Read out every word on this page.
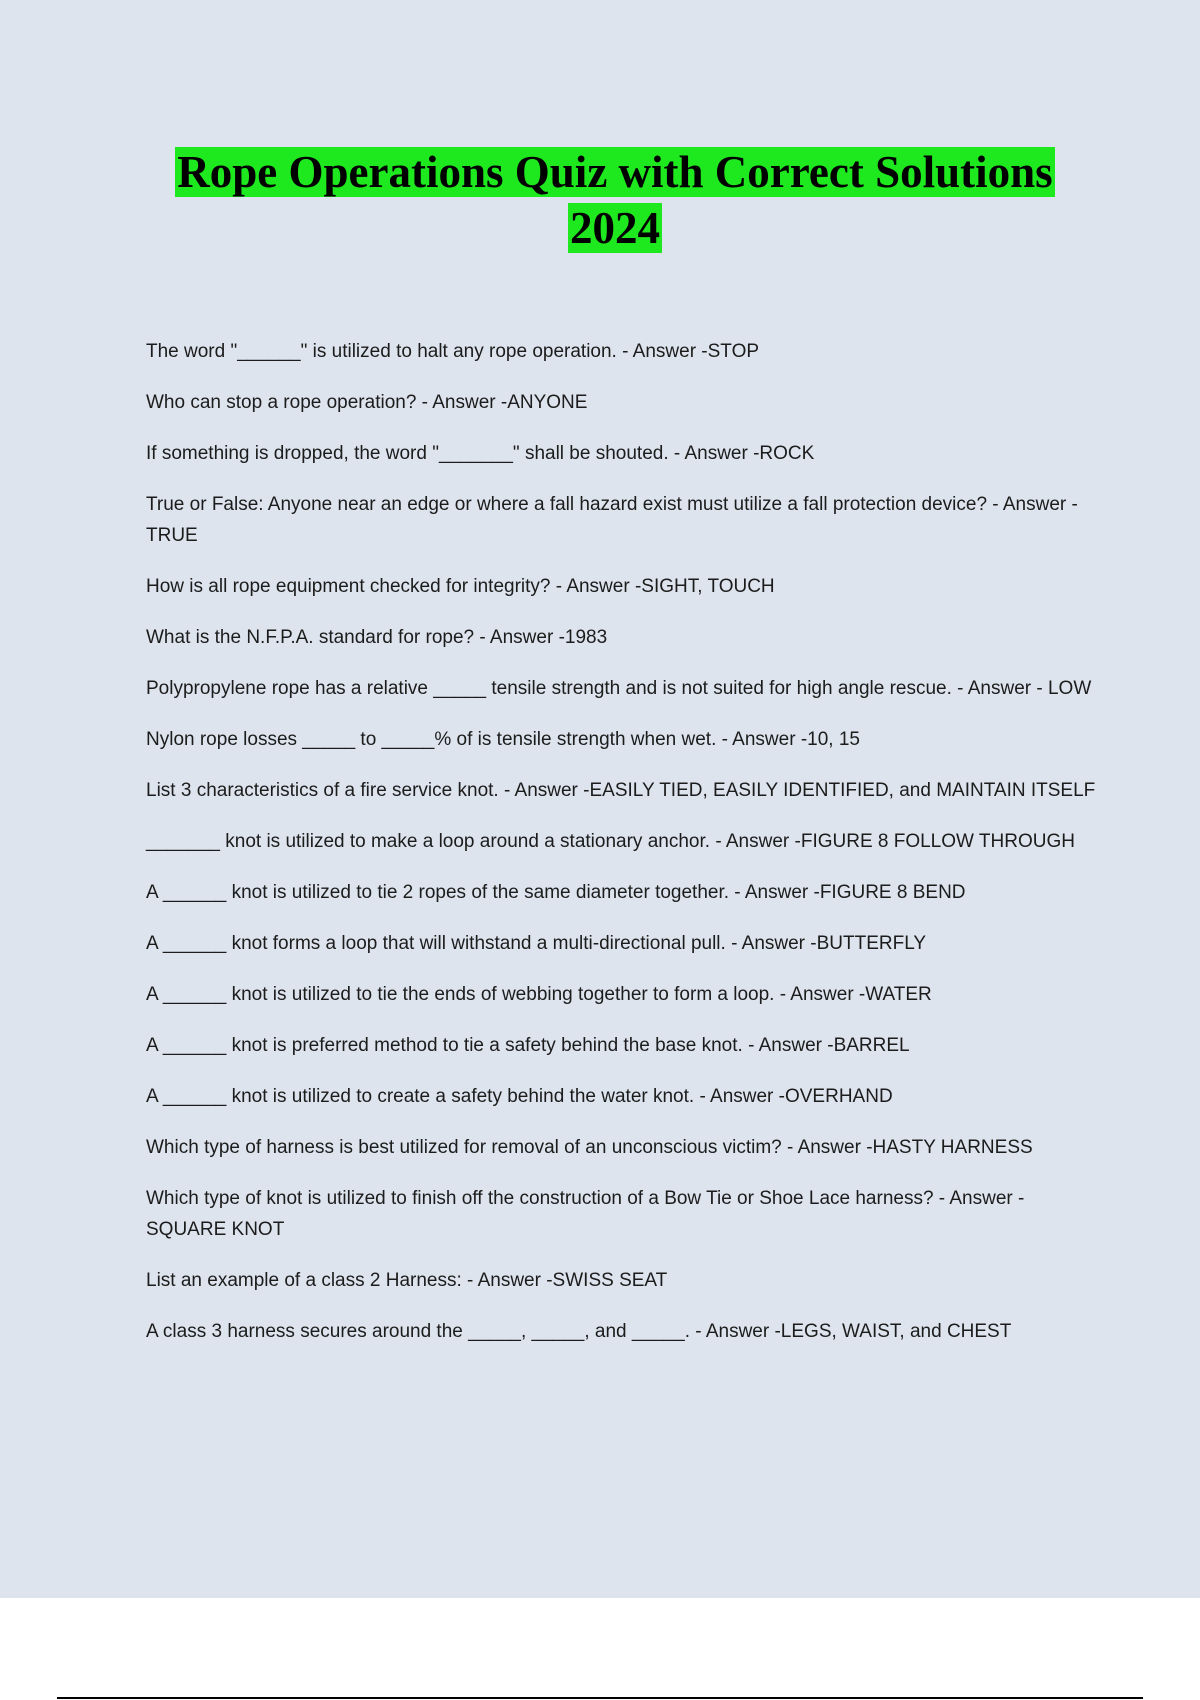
Rope Operations Quiz with Correct Solutions
2024

The word "______" is utilized to halt any rope operation. - Answer -STOP

Who can stop a rope operation? - Answer -ANYONE

If something is dropped, the word "_______" shall be shouted. - Answer -ROCK

True or False: Anyone near an edge or where a fall hazard exist must utilize a fall protection device? - Answer -TRUE

How is all rope equipment checked for integrity? - Answer -SIGHT, TOUCH

What is the N.F.P.A. standard for rope? - Answer -1983

Polypropylene rope has a relative _____ tensile strength and is not suited for high angle rescue. - Answer - LOW

Nylon rope losses _____ to _____% of is tensile strength when wet. - Answer -10, 15

List 3 characteristics of a fire service knot. - Answer -EASILY TIED, EASILY IDENTIFIED, and MAINTAIN ITSELF

_______ knot is utilized to make a loop around a stationary anchor. - Answer -FIGURE 8 FOLLOW THROUGH

A ______ knot is utilized to tie 2 ropes of the same diameter together. - Answer -FIGURE 8 BEND

A ______ knot forms a loop that will withstand a multi-directional pull. - Answer -BUTTERFLY

A ______ knot is utilized to tie the ends of webbing together to form a loop. - Answer -WATER

A ______ knot is preferred method to tie a safety behind the base knot. - Answer -BARREL

A ______ knot is utilized to create a safety behind the water knot. - Answer -OVERHAND

Which type of harness is best utilized for removal of an unconscious victim? - Answer -HASTY HARNESS

Which type of knot is utilized to finish off the construction of a Bow Tie or Shoe Lace harness? - Answer - SQUARE KNOT

List an example of a class 2 Harness: - Answer -SWISS SEAT

A class 3 harness secures around the _____, _____, and _____. - Answer -LEGS, WAIST, and CHEST
